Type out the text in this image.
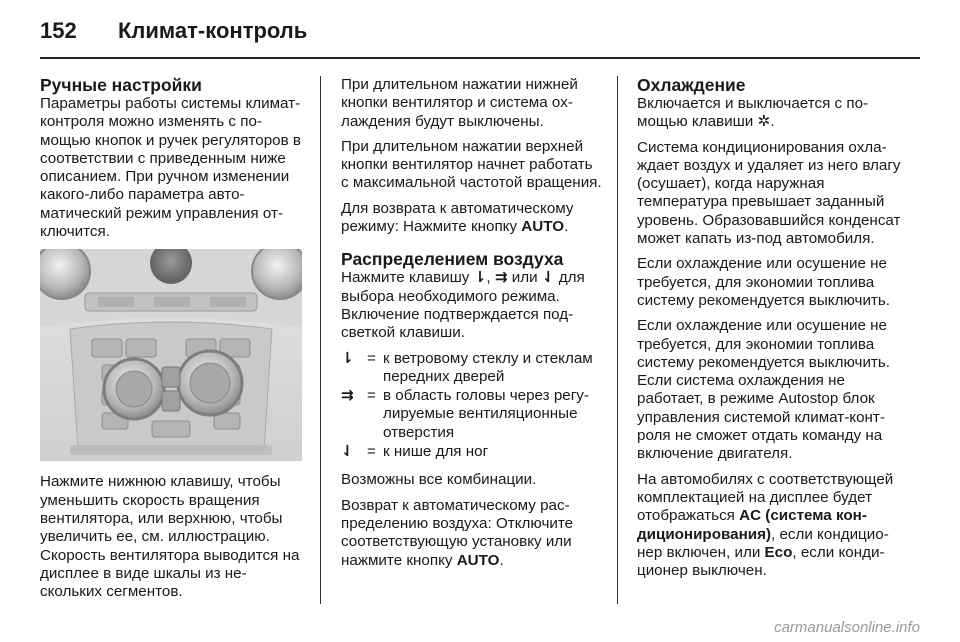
152 Климат-контроль
Ручные настройки

Параметры работы системы климат-контроля можно изменять с помощью кнопок и ручек регуляторов в соответствии с приведенным ниже описанием. При ручном изменении какого-либо параметра автоматический режим управления отключится.

Нажмите нижнюю клавишу, чтобы уменьшить скорость вращения вентилятора, или верхнюю, чтобы увеличить ее, см. иллюстрацию. Скорость вентилятора выводится на дисплее в виде шкалы из нескольких сегментов.

При длительном нажатии нижней кнопки вентилятор и система охлаждения будут выключены.

При длительном нажатии верхней кнопки вентилятор начнет работать с максимальной частотой вращения.

Для возврата к автоматическому режиму: Нажмите кнопку AUTO.

Распределением воздуха

Нажмите клавишу ⇂, ⇉ или ⇃ для выбора необходимого режима. Включение подтверждается подсветкой клавиши.

⇂ = к ветровому стеклу и стеклам передних дверей
⇉ = в область головы через регулируемые вентиляционные отверстия
⇃ = к нише для ног

Возможны все комбинации.

Возврат к автоматическому распределению воздуха: Отключите соответствующую установку или нажмите кнопку AUTO.

Охлаждение

Включается и выключается с помощью клавиши ✲.

Система кондиционирования охлаждает воздух и удаляет из него влагу (осушает), когда наружная температура превышает заданный уровень. Образовавшийся конденсат может капать из-под автомобиля.

Если охлаждение или осушение не требуется, для экономии топлива систему рекомендуется выключить.

Если охлаждение или осушение не требуется, для экономии топлива систему рекомендуется выключить. Если система охлаждения не работает, в режиме Autostop блок управления системой климат-контроля не сможет отдать команду на включение двигателя.

На автомобилях с соответствующей комплектацией на дисплее будет отображаться AC (система кондиционирования), если кондиционер включен, или Eco, если кондиционер выключен.

carmanualsonline.info
